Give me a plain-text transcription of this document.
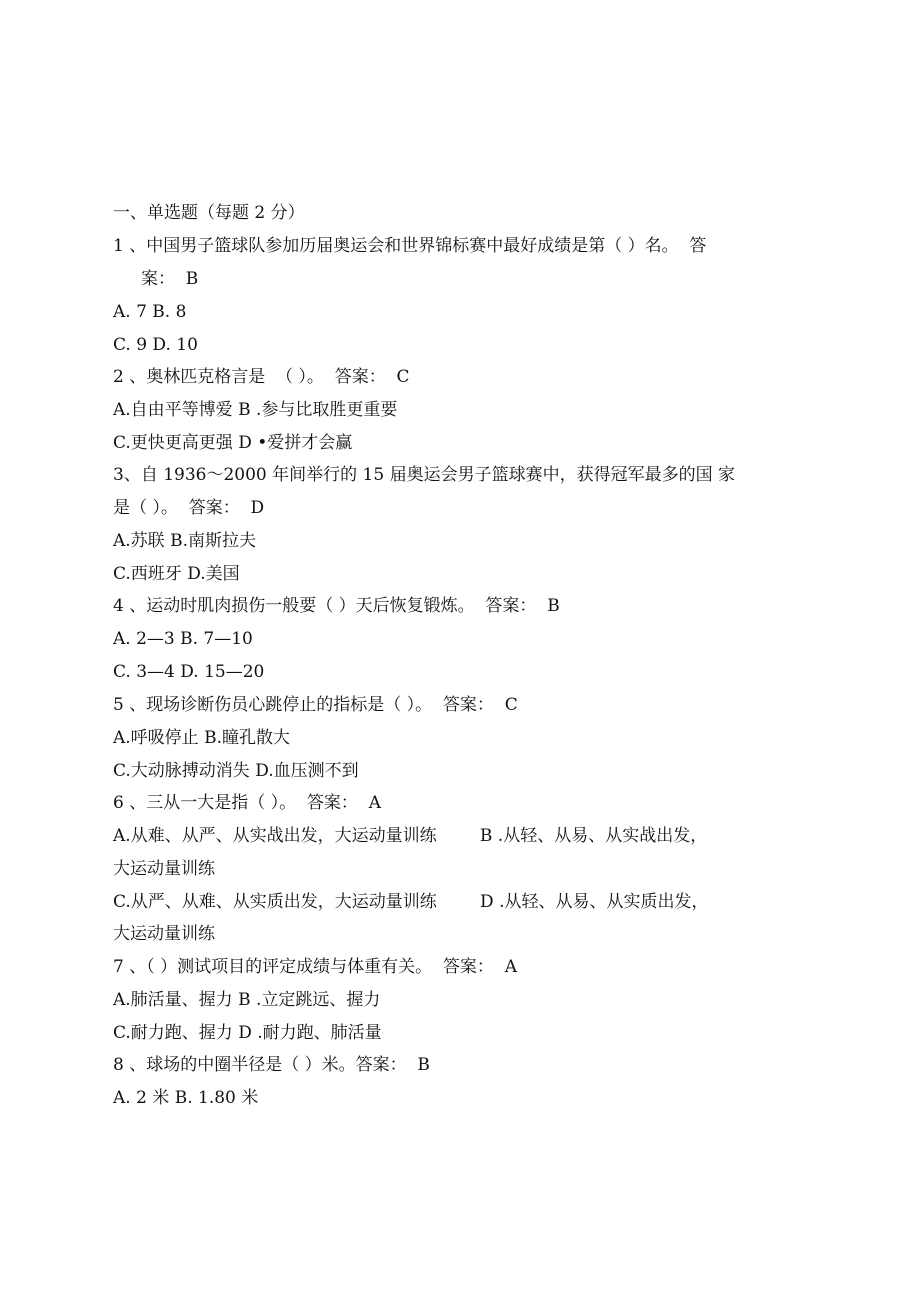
一、单选题（每题 2 分）
1 、中国男子篮球队参加历届奥运会和世界锦标赛中最好成绩是第（ ）名。  答
案：  B
A. 7 B. 8
C. 9 D. 10
2 、奥林匹克格言是  （ ）。  答案：  C
A.自由平等博爱 B .参与比取胜更重要
C.更快更高更强 D •爱拼才会赢
3、自 1936〜2000 年间举行的 15 届奥运会男子篮球赛中，获得冠军最多的国 家
是（ ）。  答案：  D
A.苏联 B.南斯拉夫
C.西班牙 D.美国
4 、运动时肌肉损伤一般要（ ）天后恢复锻炼。  答案：  B
A. 2—3 B. 7—10
C. 3—4 D. 15—20
5 、现场诊断伤员心跳停止的指标是（ ）。  答案：  C
A.呼吸停止 B.瞳孔散大
C.大动脉搏动消失 D.血压测不到
6 、三从一大是指（ ）。  答案：  A
A.从难、从严、从实战出发，大运动量训练        B .从轻、从易、从实战出发，
大运动量训练
C.从严、从难、从实质出发，大运动量训练        D .从轻、从易、从实质出发，
大运动量训练
7 、（ ）测试项目的评定成绩与体重有关。  答案：  A
A.肺活量、握力 B .立定跳远、握力
C.耐力跑、握力 D .耐力跑、肺活量
8 、球场的中圈半径是（ ）米。答案：  B
A. 2 米 B. 1.80 米
